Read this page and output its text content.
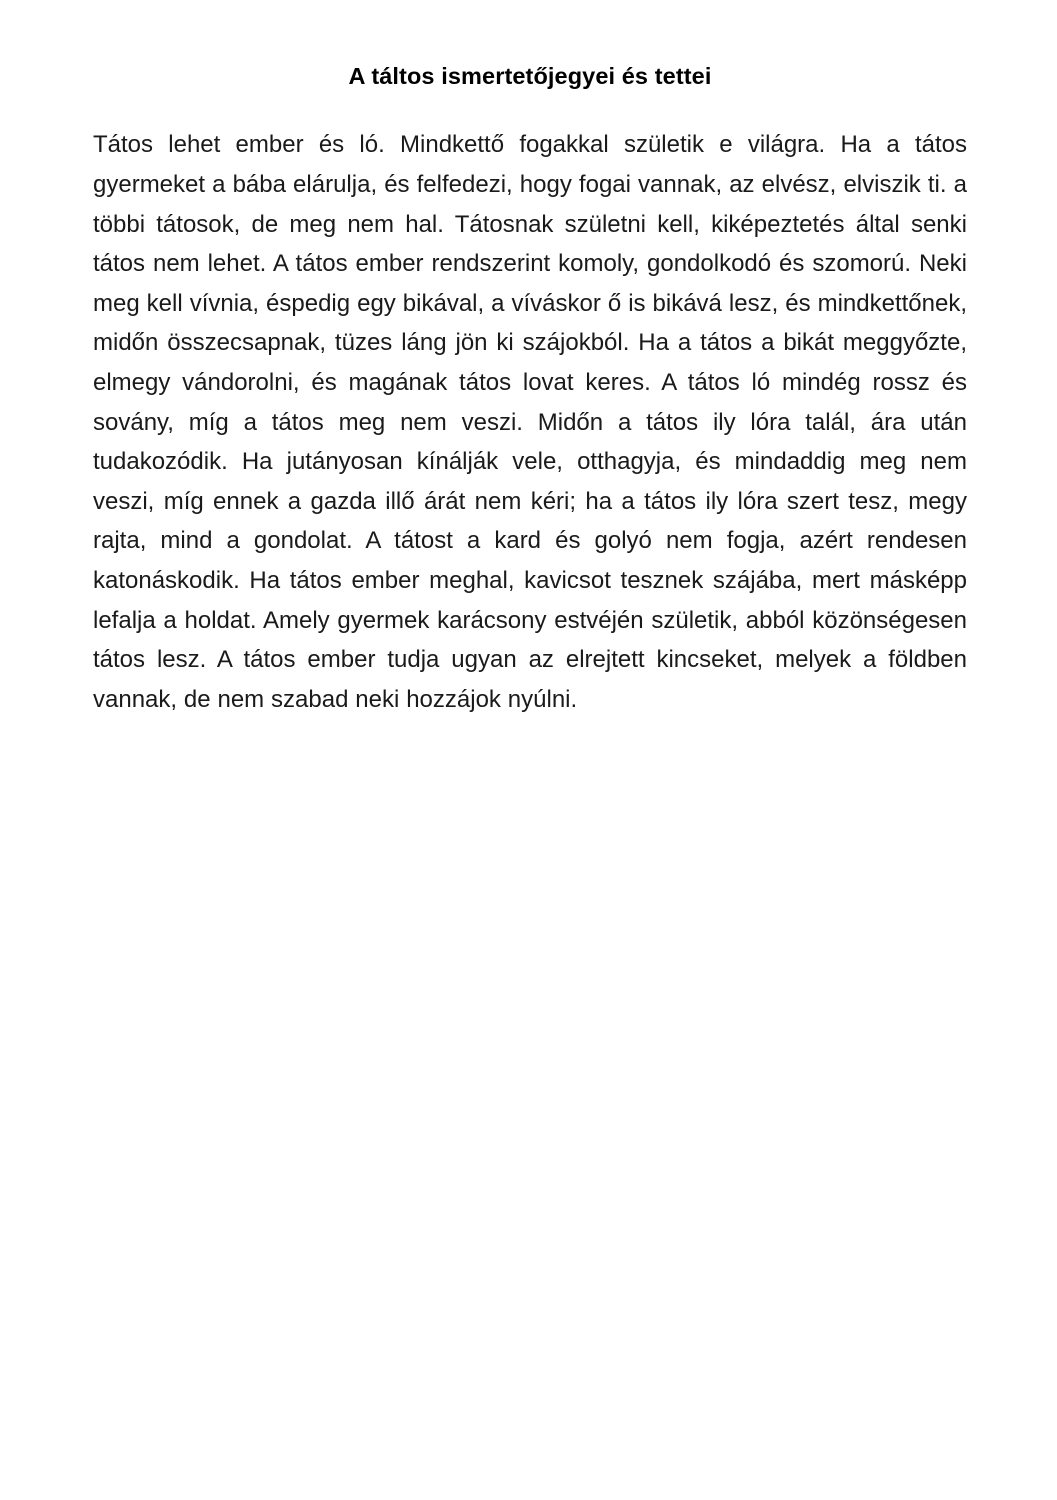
A táltos ismertetőjegyei és tettei

Tátos lehet ember és ló. Mindkettő fogakkal születik e világra. Ha a tátos gyermeket a bába elárulja, és felfedezi, hogy fogai vannak, az elvész, elviszik ti. a többi tátosok, de meg nem hal. Tátosnak születni kell, kiképeztetés által senki tátos nem lehet. A tátos ember rendszerint komoly, gondolkodó és szomorú. Neki meg kell vívnia, éspedig egy bikával, a víváskor ő is bikává lesz, és mindkettőnek, midőn összecsapnak, tüzes láng jön ki szájokból. Ha a tátos a bikát meggyőzte, elmegy vándorolni, és magának tátos lovat keres. A tátos ló mindég rossz és sovány, míg a tátos meg nem veszi. Midőn a tátos ily lóra talál, ára után tudakozódik. Ha jutányosan kínálják vele, otthagyja, és mindaddig meg nem veszi, míg ennek a gazda illő árát nem kéri; ha a tátos ily lóra szert tesz, megy rajta, mind a gondolat. A tátost a kard és golyó nem fogja, azért rendesen katonáskodik. Ha tátos ember meghal, kavicsot tesznek szájába, mert másképp lefalja a holdat. Amely gyermek karácsony estvéjén születik, abból közönségesen tátos lesz. A tátos ember tudja ugyan az elrejtett kincseket, melyek a földben vannak, de nem szabad neki hozzájok nyúlni.
